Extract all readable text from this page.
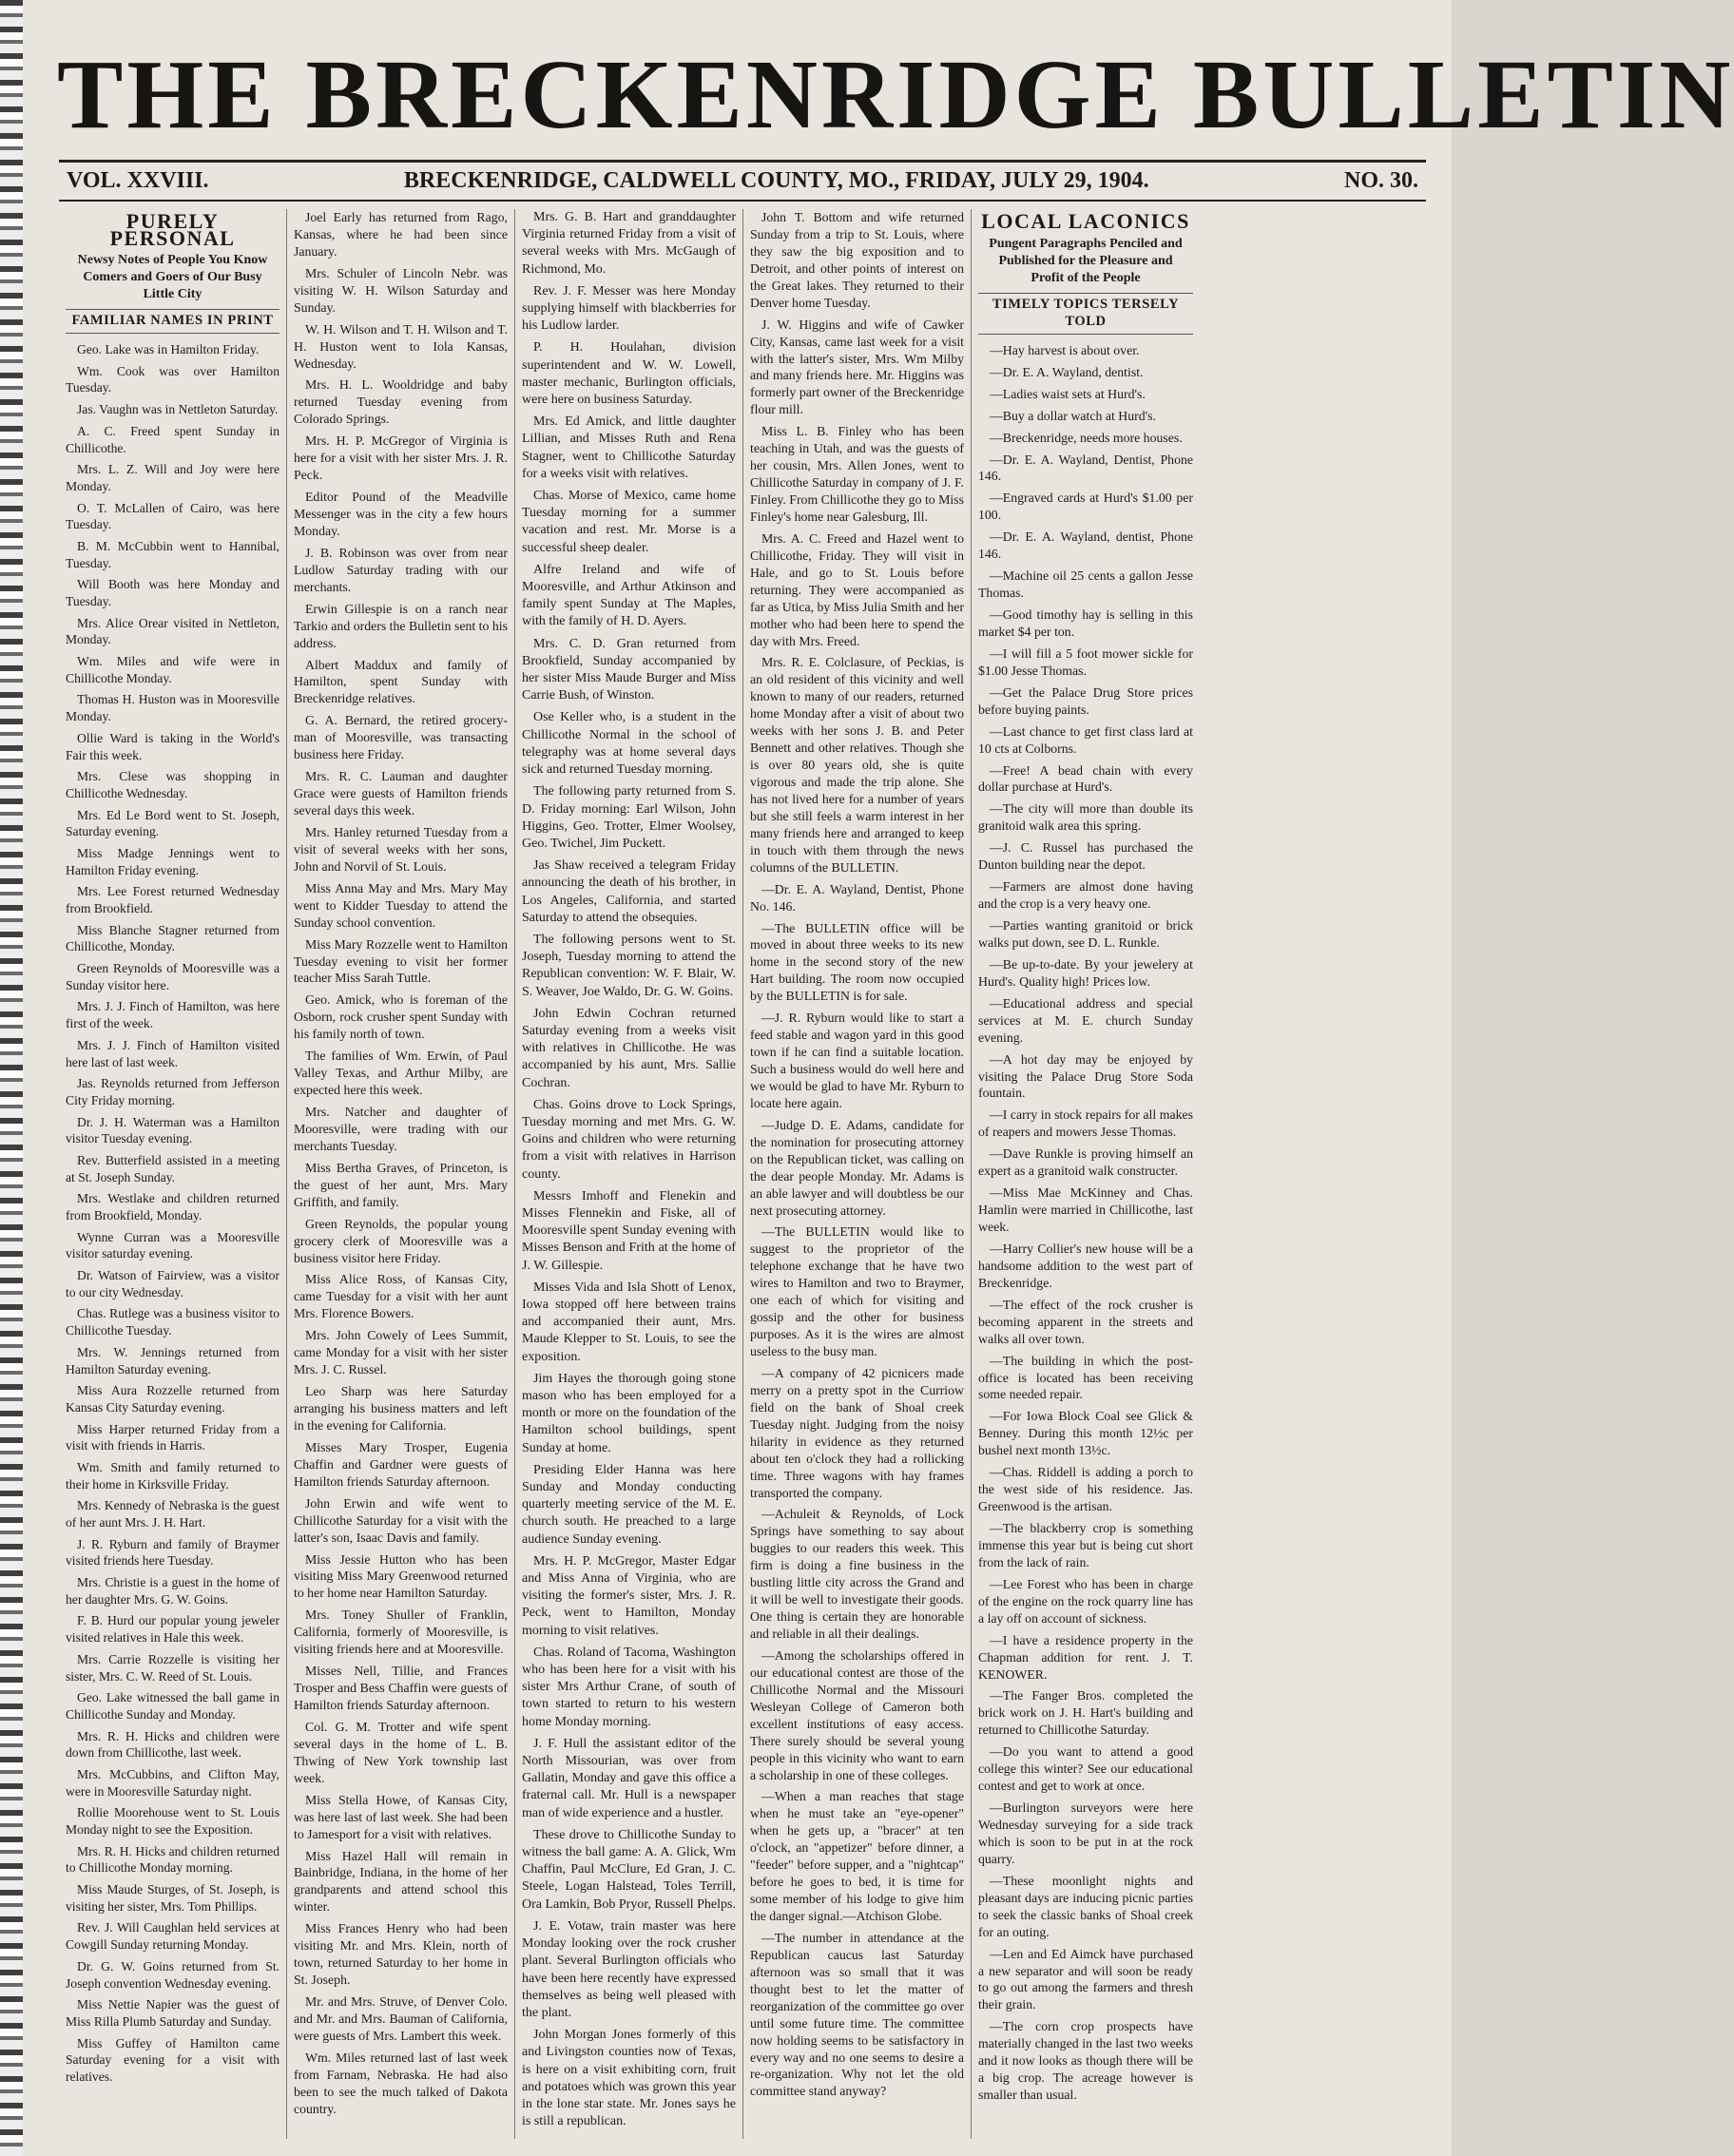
THE BRECKENRIDGE BULLETIN
VOL. XXVIII.	BRECKENRIDGE, CALDWELL COUNTY, MO., FRIDAY, JULY 29, 1904.	NO. 30.
PURELY PERSONAL
Newsy Notes of People You Know Comers and Goers of Our Busy Little City
FAMILIAR NAMES IN PRINT

Geo. Lake was in Hamilton Friday.

Wm. Cook was over Hamilton Tuesday.

Jas. Vaughn was in Nettleton Saturday.

A. C. Freed spent Sunday in Chillicothe.

Mrs. L. Z. Will and Joy were here Monday.

O. T. McLallen of Cairo, was here Tuesday.

B. M. McCubbin went to Hannibal, Tuesday.

Will Booth was here Monday and Tuesday.

Mrs. Alice Orear visited in Nettleton, Monday.

Wm. Miles and wife were in Chillicothe Monday.

Thomas H. Huston was in Mooresville Monday.

Ollie Ward is taking in the World's Fair this week.

Mrs. Clese was shopping in Chillicothe Wednesday.

Mrs. Ed Le Bord went to St. Joseph, Saturday evening.

Miss Madge Jennings went to Hamilton Friday evening.

Mrs. Lee Forest returned Wednesday from Brookfield.

Miss Blanche Stagner returned from Chillicothe, Monday.

Green Reynolds of Mooresville was a Sunday visitor here.

Mrs. J. J. Finch of Hamilton, was here first of the week.

Mrs. J. J. Finch of Hamilton visited here last of last week.

Jas. Reynolds returned from Jefferson City Friday morning.

Dr. J. H. Waterman was a Hamilton visitor Tuesday evening.

Rev. Butterfield assisted in a meeting at St. Joseph Sunday.

Mrs. Westlake and children returned from Brookfield, Monday.

Wynne Curran was a Mooresville visitor saturday evening.

Dr. Watson of Fairview, was a visitor to our city Wednesday.

Chas. Rutlege was a business visitor to Chillicothe Tuesday.

Mrs. W. Jennings returned from Hamilton Saturday evening.

Miss Aura Rozzelle returned from Kansas City Saturday evening.

Miss Harper returned Friday from a visit with friends in Harris.

Wm. Smith and family returned to their home in Kirksville Friday.

Mrs. Kennedy of Nebraska is the guest of her aunt Mrs. J. H. Hart.

J. R. Ryburn and family of Braymer visited friends here Tuesday.

Mrs. Christie is a guest in the home of her daughter Mrs. G. W. Goins.

F. B. Hurd our popular young jeweler visited relatives in Hale this week.

Mrs. Carrie Rozzelle is visiting her sister, Mrs. C. W. Reed of St. Louis.

Geo. Lake witnessed the ball game in Chillicothe Sunday and Monday.

Mrs. R. H. Hicks and children were down from Chillicothe, last week.

Mrs. McCubbins, and Clifton May, were in Mooresville Saturday night.

Rollie Moorehouse went to St. Louis Monday night to see the Exposition.

Mrs. R. H. Hicks and children returned to Chillicothe Monday morning.

Miss Maude Sturges, of St. Joseph, is visiting her sister, Mrs. Tom Phillips.

Rev. J. Will Caughlan held services at Cowgill Sunday returning Monday.

Dr. G. W. Goins returned from St. Joseph convention Wednesday evening.

Miss Nettie Napier was the guest of Miss Rilla Plumb Saturday and Sunday.

Miss Guffey of Hamilton came Saturday evening for a visit with relatives.

Joel Early has returned from Rago, Kansas, where he had been since January.

Mrs. Schuler of Lincoln Nebr. was visiting W. H. Wilson Saturday and Sunday.

W. H. Wilson and T. H. Wilson and T. H. Huston went to Iola Kansas, Wednesday.

Mrs. H. L. Wooldridge and baby returned Tuesday evening from Colorado Springs.

Mrs. H. P. McGregor of Virginia is here for a visit with her sister Mrs. J. R. Peck.

Editor Pound of the Meadville Messenger was in the city a few hours Monday.

J. B. Robinson was over from near Ludlow Saturday trading with our merchants.

Erwin Gillespie is on a ranch near Tarkio and orders the Bulletin sent to his address.

Albert Maddux and family of Hamilton, spent Sunday with Breckenridge relatives.

G. A. Bernard, the retired grocery-man of Mooresville, was transacting business here Friday.

Mrs. R. C. Lauman and daughter Grace were guests of Hamilton friends several days this week.

Mrs. Hanley returned Tuesday from a visit of several weeks with her sons, John and Norvil of St. Louis.

Miss Anna May and Mrs. Mary May went to Kidder Tuesday to attend the Sunday school convention.

Miss Mary Rozzelle went to Hamilton Tuesday evening to visit her former teacher Miss Sarah Tuttle.

Geo. Amick, who is foreman of the Osborn, rock crusher spent Sunday with his family north of town.

The families of Wm. Erwin, of Paul Valley Texas, and Arthur Milby, are expected here this week.

Mrs. Natcher and daughter of Mooresville, were trading with our merchants Tuesday.

Miss Bertha Graves, of Princeton, is the guest of her aunt, Mrs. Mary Griffith, and family.

Green Reynolds, the popular young grocery clerk of Mooresville was a business visitor here Friday.

Miss Alice Ross, of Kansas City, came Tuesday for a visit with her aunt Mrs. Florence Bowers.

Mrs. John Cowely of Lees Summit, came Monday for a visit with her sister Mrs. J. C. Russel.

Leo Sharp was here Saturday arranging his business matters and left in the evening for California.

Misses Mary Trosper, Eugenia Chaffin and Gardner were guests of Hamilton friends Saturday afternoon.

John Erwin and wife went to Chillicothe Saturday for a visit with the latter's son, Isaac Davis and family.

Miss Jessie Hutton who has been visiting Miss Mary Greenwood returned to her home near Hamilton Saturday.

Mrs. Toney Shuller of Franklin, California, formerly of Mooresville, is visiting friends here and at Mooresville.

Misses Nell, Tillie, and Frances Trosper and Bess Chaffin were guests of Hamilton friends Saturday afternoon.

Col. G. M. Trotter and wife spent several days in the home of L. B. Thwing of New York township last week.

Miss Stella Howe, of Kansas City, was here last of last week. She had been to Jamesport for a visit with relatives.

Miss Hazel Hall will remain in Bainbridge, Indiana, in the home of her grandparents and attend school this winter.

Miss Frances Henry who had been visiting Mr. and Mrs. Klein, north of town, returned Saturday to her home in St. Joseph.

Mr. and Mrs. Struve, of Denver Colo. and Mr. and Mrs. Bauman of California, were guests of Mrs. Lambert this week.

Wm. Miles returned last of last week from Farnam, Nebraska. He had also been to see the much talked of Dakota country.

Mrs. G. B. Hart and granddaughter Virginia returned Friday from a visit of several weeks with Mrs. McGaugh of Richmond, Mo.

Rev. J. F. Messer was here Monday supplying himself with blackberries for his Ludlow larder.

P. H. Houlahan, division superintendent and W. W. Lowell, master mechanic, Burlington officials, were here on business Saturday.

Mrs. Ed Amick, and little daughter Lillian, and Misses Ruth and Rena Stagner, went to Chillicothe Saturday for a weeks visit with relatives.

Chas. Morse of Mexico, came home Tuesday morning for a summer vacation and rest. Mr. Morse is a successful sheep dealer.

Alfre Ireland and wife of Mooresville, and Arthur Atkinson and family spent Sunday at The Maples, with the family of H. D. Ayers.

Mrs. C. D. Gran returned from Brookfield, Sunday accompanied by her sister Miss Maude Burger and Miss Carrie Bush, of Winston.

Ose Keller who, is a student in the Chillicothe Normal in the school of telegraphy was at home several days sick and returned Tuesday morning.

The following party returned from S. D. Friday morning: Earl Wilson, John Higgins, Geo. Trotter, Elmer Woolsey, Geo. Twichel, Jim Puckett.

Jas Shaw received a telegram Friday announcing the death of his brother, in Los Angeles, California, and started Saturday to attend the obsequies.

The following persons went to St. Joseph, Tuesday morning to attend the Republican convention: W. F. Blair, W. S. Weaver, Joe Waldo, Dr. G. W. Goins.

John Edwin Cochran returned Saturday evening from a weeks visit with relatives in Chillicothe. He was accompanied by his aunt, Mrs. Sallie Cochran.

Chas. Goins drove to Lock Springs, Tuesday morning and met Mrs. G. W. Goins and children who were returning from a visit with relatives in Harrison county.

Messrs Imhoff and Flenekin and Misses Flennekin and Fiske, all of Mooresville spent Sunday evening with Misses Benson and Frith at the home of J. W. Gillespie.

Misses Vida and Isla Shott of Lenox, Iowa stopped off here between trains and accompanied their aunt, Mrs. Maude Klepper to St. Louis, to see the exposition.

Jim Hayes the thorough going stone mason who has been employed for a month or more on the foundation of the Hamilton school buildings, spent Sunday at home.

Presiding Elder Hanna was here Sunday and Monday conducting quarterly meeting service of the M. E. church south. He preached to a large audience Sunday evening.

Mrs. H. P. McGregor, Master Edgar and Miss Anna of Virginia, who are visiting the former's sister, Mrs. J. R. Peck, went to Hamilton, Monday morning to visit relatives.

Chas. Roland of Tacoma, Washington who has been here for a visit with his sister Mrs Arthur Crane, of south of town started to return to his western home Monday morning.

J. F. Hull the assistant editor of the North Missourian, was over from Gallatin, Monday and gave this office a fraternal call. Mr. Hull is a newspaper man of wide experience and a hustler.

These drove to Chillicothe Sunday to witness the ball game: A. A. Glick, Wm Chaffin, Paul McClure, Ed Gran, J. C. Steele, Logan Halstead, Toles Terrill, Ora Lamkin, Bob Pryor, Russell Phelps.

J. E. Votaw, train master was here Monday looking over the rock crusher plant. Several Burlington officials who have been here recently have expressed themselves as being well pleased with the plant.

John Morgan Jones formerly of this and Livingston counties now of Texas, is here on a visit exhibiting corn, fruit and potatoes which was grown this year in the lone star state. Mr. Jones says he is still a republican.

John T. Bottom and wife returned Sunday from a trip to St. Louis, where they saw the big exposition and to Detroit, and other points of interest on the Great lakes. They returned to their Denver home Tuesday.

J. W. Higgins and wife of Cawker City, Kansas, came last week for a visit with the latter's sister, Mrs. Wm Milby and many friends here. Mr. Higgins was formerly part owner of the Breckenridge flour mill.

Miss L. B. Finley who has been teaching in Utah, and was the guests of her cousin, Mrs. Allen Jones, went to Chillicothe Saturday in company of J. F. Finley. From Chillicothe they go to Miss Finley's home near Galesburg, Ill.

Mrs. A. C. Freed and Hazel went to Chillicothe, Friday. They will visit in Hale, and go to St. Louis before returning. They were accompanied as far as Utica, by Miss Julia Smith and her mother who had been here to spend the day with Mrs. Freed.

Mrs. R. E. Colclasure, of Peckias, is an old resident of this vicinity and well known to many of our readers, returned home Monday after a visit of about two weeks with her sons J. B. and Peter Bennett and other relatives. Though she is over 80 years old, she is quite vigorous and made the trip alone. She has not lived here for a number of years but she still feels a warm interest in her many friends here and arranged to keep in touch with them through the news columns of the BULLETIN.

—Dr. E. A. Wayland, Dentist, Phone No. 146.

—The BULLETIN office will be moved in about three weeks to its new home in the second story of the new Hart building. The room now occupied by the BULLETIN is for sale.

—J. R. Ryburn would like to start a feed stable and wagon yard in this good town if he can find a suitable location. Such a business would do well here and we would be glad to have Mr. Ryburn to locate here again.

—Judge D. E. Adams, candidate for the nomination for prosecuting attorney on the Republican ticket, was calling on the dear people Monday. Mr. Adams is an able lawyer and will doubtless be our next prosecuting attorney.

—The BULLETIN would like to suggest to the proprietor of the telephone exchange that he have two wires to Hamilton and two to Braymer, one each of which for visiting and gossip and the other for business purposes. As it is the wires are almost useless to the busy man.

—A company of 42 picnicers made merry on a pretty spot in the Curriow field on the bank of Shoal creek Tuesday night. Judging from the noisy hilarity in evidence as they returned about ten o'clock they had a rollicking time. Three wagons with hay frames transported the company.

—Achuleit & Reynolds, of Lock Springs have something to say about buggies to our readers this week. This firm is doing a fine business in the bustling little city across the Grand and it will be well to investigate their goods. One thing is certain they are honorable and reliable in all their dealings.

—Among the scholarships offered in our educational contest are those of the Chillicothe Normal and the Missouri Wesleyan College of Cameron both excellent institutions of easy access. There surely should be several young people in this vicinity who want to earn a scholarship in one of these colleges.

—When a man reaches that stage when he must take an "eye-opener" when he gets up, a "bracer" at ten o'clock, an "appetizer" before dinner, a "feeder" before supper, and a "nightcap" before he goes to bed, it is time for some member of his lodge to give him the danger signal.—Atchison Globe.

—The number in attendance at the Republican caucus last Saturday afternoon was so small that it was thought best to let the matter of reorganization of the committee go over until some future time. The committee now holding seems to be satisfactory in every way and no one seems to desire a re-organization. Why not let the old committee stand anyway?

LOCAL LACONICS
Pungent Paragraphs Penciled and Published for the Pleasure and Profit of the People
TIMELY TOPICS TERSELY TOLD

—Hay harvest is about over.

—Dr. E. A. Wayland, dentist.

—Ladies waist sets at Hurd's.

—Buy a dollar watch at Hurd's.

—Breckenridge, needs more houses.

—Dr. E. A. Wayland, Dentist, Phone 146.

—Engraved cards at Hurd's $1.00 per 100.

—Dr. E. A. Wayland, dentist, Phone 146.

—Machine oil 25 cents a gallon Jesse Thomas.

—Good timothy hay is selling in this market $4 per ton.

—I will fill a 5 foot mower sickle for $1.00 Jesse Thomas.

—Get the Palace Drug Store prices before buying paints.

—Last chance to get first class lard at 10 cts at Colborns.

—Free! A bead chain with every dollar purchase at Hurd's.

—The city will more than double its granitoid walk area this spring.

—J. C. Russel has purchased the Dunton building near the depot.

—Farmers are almost done having and the crop is a very heavy one.

—Parties wanting granitoid or brick walks put down, see D. L. Runkle.

—Be up-to-date. By your jewelery at Hurd's. Quality high! Prices low.

—Educational address and special services at M. E. church Sunday evening.

—A hot day may be enjoyed by visiting the Palace Drug Store Soda fountain.

—I carry in stock repairs for all makes of reapers and mowers Jesse Thomas.

—Dave Runkle is proving himself an expert as a granitoid walk constructer.

—Miss Mae McKinney and Chas. Hamlin were married in Chillicothe, last week.

—Harry Collier's new house will be a handsome addition to the west part of Breckenridge.

—The effect of the rock crusher is becoming apparent in the streets and walks all over town.

—The building in which the post-office is located has been receiving some needed repair.

—For Iowa Block Coal see Glick & Benney. During this month 12½c per bushel next month 13½c.

—Chas. Riddell is adding a porch to the west side of his residence. Jas. Greenwood is the artisan.

—The blackberry crop is something immense this year but is being cut short from the lack of rain.

—Lee Forest who has been in charge of the engine on the rock quarry line has a lay off on account of sickness.

—I have a residence property in the Chapman addition for rent. J. T. KENOWER.

—The Fanger Bros. completed the brick work on J. H. Hart's building and returned to Chillicothe Saturday.

—Do you want to attend a good college this winter? See our educational contest and get to work at once.

—Burlington surveyors were here Wednesday surveying for a side track which is soon to be put in at the rock quarry.

—These moonlight nights and pleasant days are inducing picnic parties to seek the classic banks of Shoal creek for an outing.

—Len and Ed Aimck have purchased a new separator and will soon be ready to go out among the farmers and thresh their grain.

—The corn crop prospects have materially changed in the last two weeks and it now looks as though there will be a big crop. The acreage however is smaller than usual.
